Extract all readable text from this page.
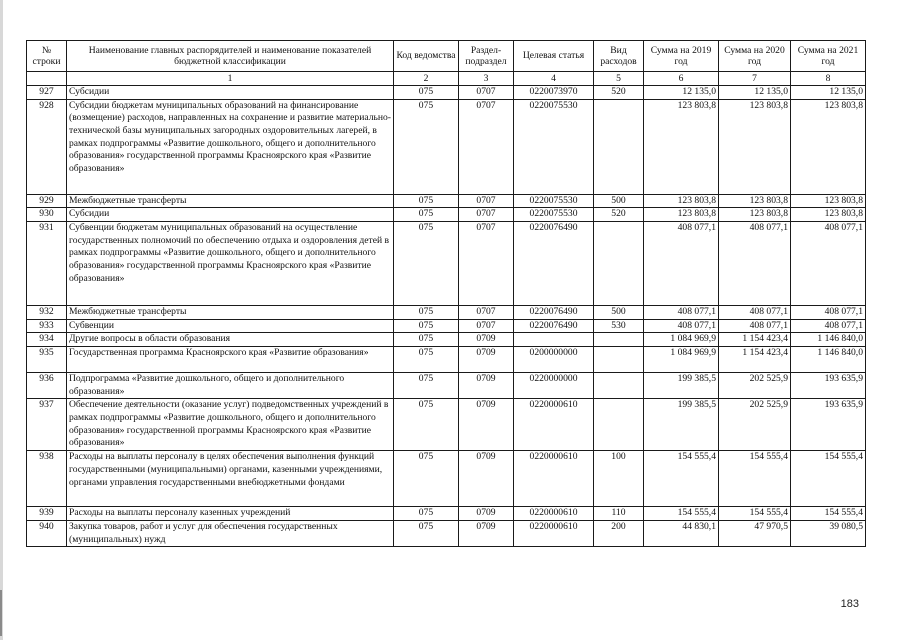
№ строки	Наименование главных распорядителей и наименование показателей бюджетной классификации	Код ведомства	Раздел-подраздел	Целевая статья	Вид расходов	Сумма на 2019 год	Сумма на 2020 год	Сумма на 2021 год
	1	2	3	4	5	6	7	8
927	Субсидии	075	0707	0220073970	520	12 135,0	12 135,0	12 135,0
928	Субсидии бюджетам муниципальных образований на финансирование (возмещение) расходов, направленных на сохранение и развитие материально-технической базы муниципальных загородных оздоровительных лагерей, в рамках подпрограммы «Развитие дошкольного, общего и дополнительного образования» государственной программы Красноярского края «Развитие образования»	075	0707	0220075530		123 803,8	123 803,8	123 803,8
929	Межбюджетные трансферты	075	0707	0220075530	500	123 803,8	123 803,8	123 803,8
930	Субсидии	075	0707	0220075530	520	123 803,8	123 803,8	123 803,8
931	Субвенции бюджетам муниципальных образований на осуществление государственных полномочий по обеспечению отдыха и оздоровления детей в рамках подпрограммы «Развитие дошкольного, общего и дополнительного образования» государственной программы Красноярского края «Развитие образования»	075	0707	0220076490		408 077,1	408 077,1	408 077,1
932	Межбюджетные трансферты	075	0707	0220076490	500	408 077,1	408 077,1	408 077,1
933	Субвенции	075	0707	0220076490	530	408 077,1	408 077,1	408 077,1
934	Другие вопросы в области образования	075	0709			1 084 969,9	1 154 423,4	1 146 840,0
935	Государственная программа Красноярского края «Развитие образования»	075	0709	0200000000		1 084 969,9	1 154 423,4	1 146 840,0
936	Подпрограмма «Развитие дошкольного, общего и дополнительного образования»	075	0709	0220000000		199 385,5	202 525,9	193 635,9
937	Обеспечение деятельности (оказание услуг) подведомственных учреждений в рамках подпрограммы «Развитие дошкольного, общего и дополнительного образования» государственной программы Красноярского края «Развитие образования»	075	0709	0220000610		199 385,5	202 525,9	193 635,9
938	Расходы на выплаты персоналу в целях обеспечения выполнения функций государственными (муниципальными) органами, казенными учреждениями, органами управления государственными внебюджетными фондами	075	0709	0220000610	100	154 555,4	154 555,4	154 555,4
939	Расходы на выплаты персоналу казенных учреждений	075	0709	0220000610	110	154 555,4	154 555,4	154 555,4
940	Закупка товаров, работ и услуг для обеспечения государственных (муниципальных) нужд	075	0709	0220000610	200	44 830,1	47 970,5	39 080,5
183
